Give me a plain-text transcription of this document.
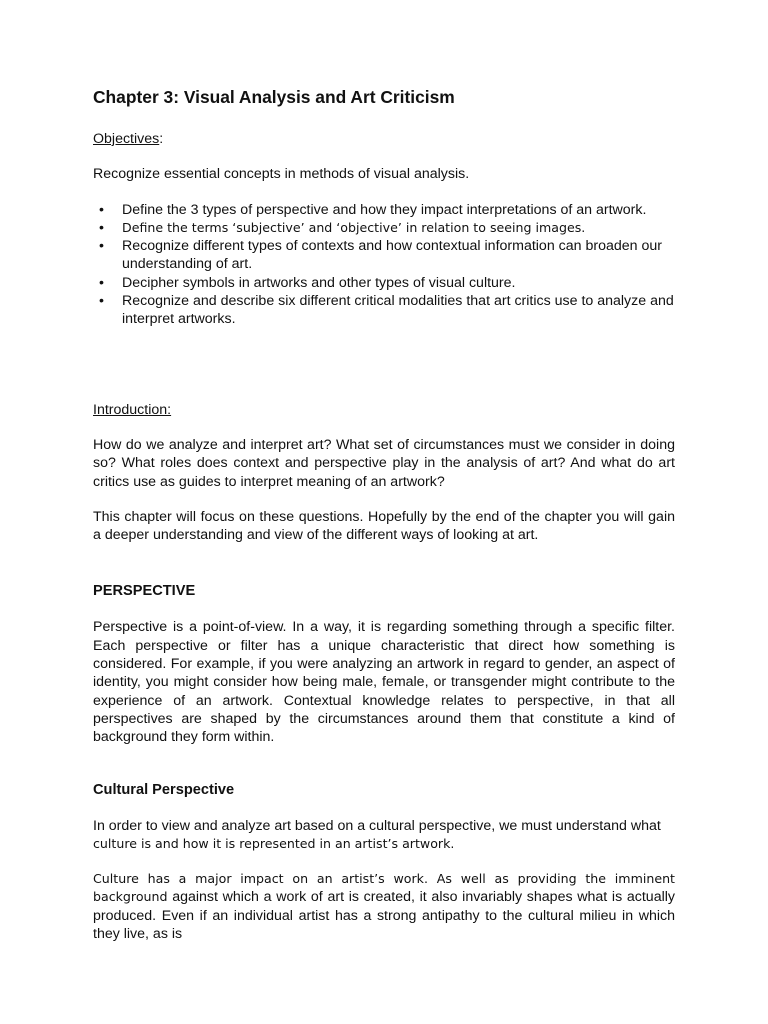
Chapter 3: Visual Analysis and Art Criticism

Objectives:

Recognize essential concepts in methods of visual analysis.

• Define the 3 types of perspective and how they impact interpretations of an artwork.
• Define the terms ‘subjective’ and ‘objective’ in relation to seeing images.
• Recognize different types of contexts and how contextual information can broaden our understanding of art.
• Decipher symbols in artworks and other types of visual culture.
• Recognize and describe six different critical modalities that art critics use to analyze and interpret artworks.

Introduction:

How do we analyze and interpret art? What set of circumstances must we consider in doing so? What roles does context and perspective play in the analysis of art? And what do art critics use as guides to interpret meaning of an artwork?

This chapter will focus on these questions. Hopefully by the end of the chapter you will gain a deeper understanding and view of the different ways of looking at art.

PERSPECTIVE

Perspective is a point-of-view. In a way, it is regarding something through a specific filter. Each perspective or filter has a unique characteristic that direct how something is considered. For example, if you were analyzing an artwork in regard to gender, an aspect of identity, you might consider how being male, female, or transgender might contribute to the experience of an artwork. Contextual knowledge relates to perspective, in that all perspectives are shaped by the circumstances around them that constitute a kind of background they form within.

Cultural Perspective

In order to view and analyze art based on a cultural perspective, we must understand what
culture is and how it is represented in an artist’s artwork.

Culture has a major impact on an artist’s work. As well as providing the imminent background against which a work of art is created, it also invariably shapes what is actually produced. Even if an individual artist has a strong antipathy to the cultural milieu in which they live, as is
